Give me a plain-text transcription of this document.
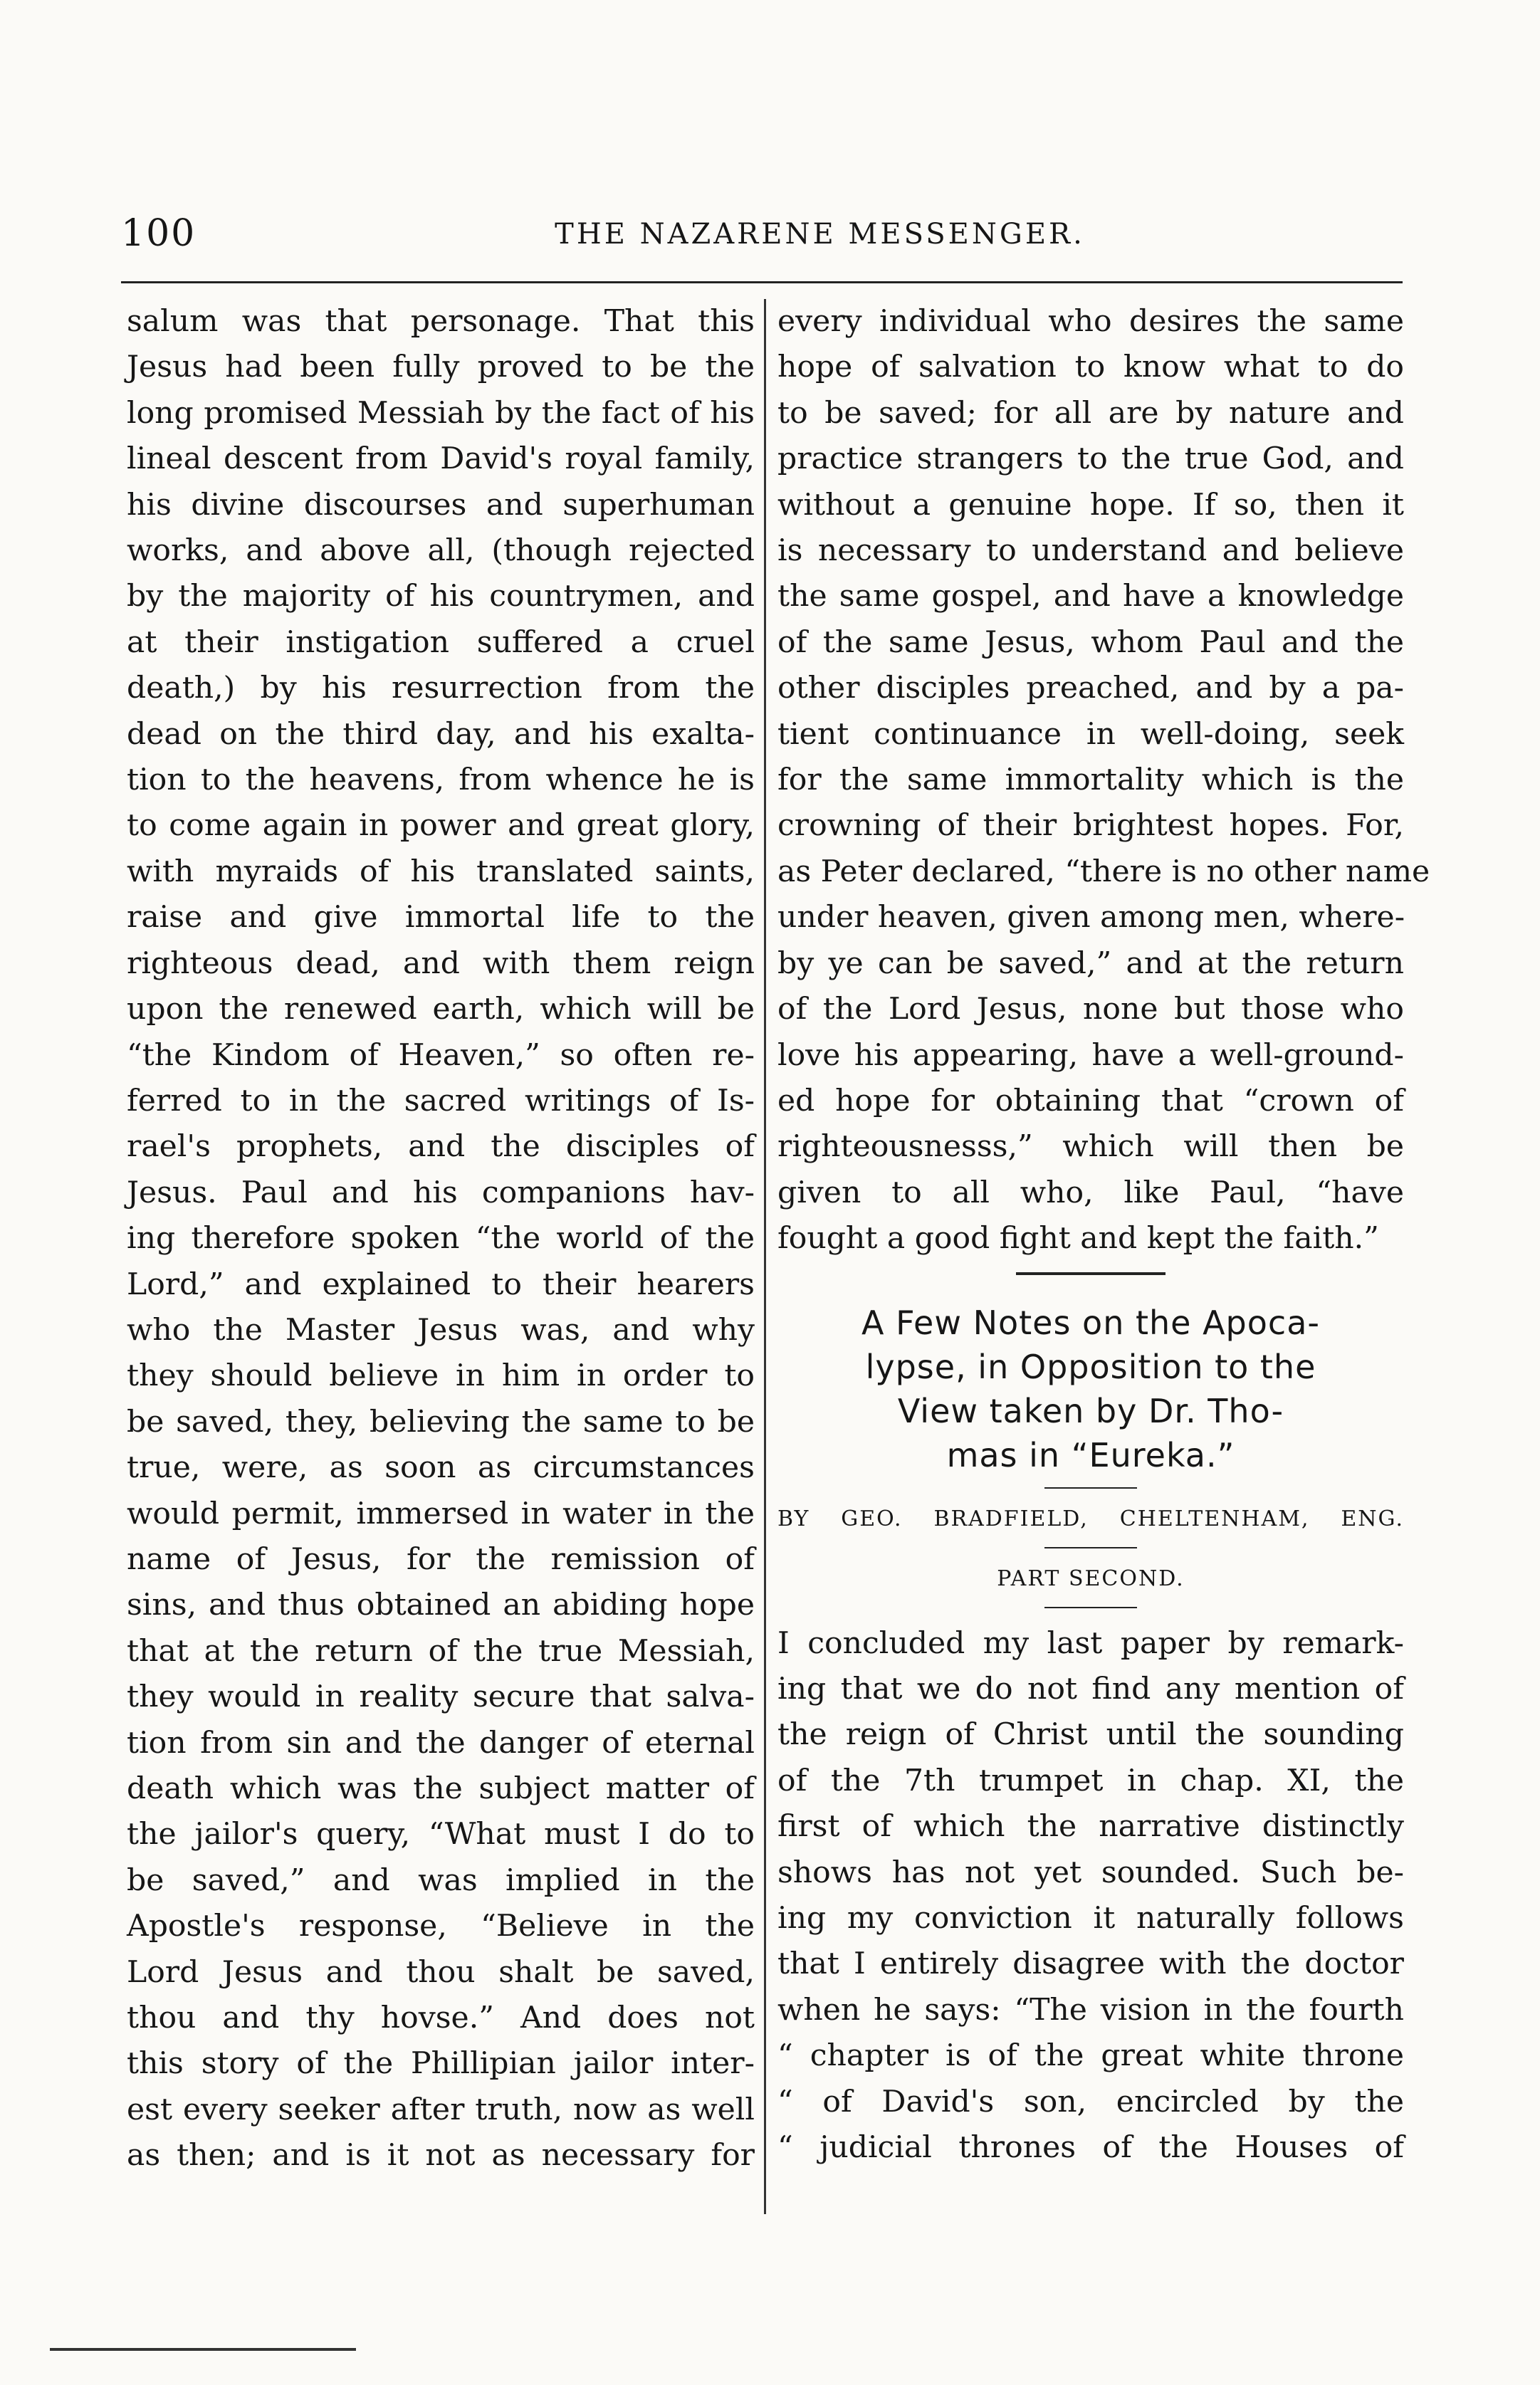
100	THE NAZARENE MESSENGER.
salum was that personage. That this
Jesus had been fully proved to be the
long promised Messiah by the fact of his
lineal descent from David's royal family,
his divine discourses and superhuman
works, and above all, (though rejected
by the majority of his countrymen, and
at their instigation suffered a cruel
death,) by his resurrection from the
dead on the third day, and his exalta-
tion to the heavens, from whence he is
to come again in power and great glory,
with myraids of his translated saints,
raise and give immortal life to the
righteous dead, and with them reign
upon the renewed earth, which will be
“the Kindom of Heaven,” so often re-
ferred to in the sacred writings of Is-
rael's prophets, and the disciples of
Jesus. Paul and his companions hav-
ing therefore spoken “the world of the
Lord,” and explained to their hearers
who the Master Jesus was, and why
they should believe in him in order to
be saved, they, believing the same to be
true, were, as soon as circumstances
would permit, immersed in water in the
name of Jesus, for the remission of
sins, and thus obtained an abiding hope
that at the return of the true Messiah,
they would in reality secure that salva-
tion from sin and the danger of eternal
death which was the subject matter of
the jailor's query, “What must I do to
be saved,” and was implied in the
Apostle's response, “Believe in the
Lord Jesus and thou shalt be saved,
thou and thy hovse.” And does not
this story of the Phillipian jailor inter-
est every seeker after truth, now as well
as then; and is it not as necessary for
every individual who desires the same
hope of salvation to know what to do
to be saved; for all are by nature and
practice strangers to the true God, and
without a genuine hope. If so, then it
is necessary to understand and believe
the same gospel, and have a knowledge
of the same Jesus, whom Paul and the
other disciples preached, and by a pa-
tient continuance in well-doing, seek
for the same immortality which is the
crowning of their brightest hopes. For,
as Peter declared, “there is no other name
under heaven, given among men, where-
by ye can be saved,” and at the return
of the Lord Jesus, none but those who
love his appearing, have a well-ground-
ed hope for obtaining that “crown of
righteousnesss,” which will then be
given to all who, like Paul, “have
fought a good fight and kept the faith.”
A Few Notes on the Apoca-
lypse, in Opposition to the
View taken by Dr. Tho-
mas in “Eureka.”
BY GEO. BRADFIELD, CHELTENHAM, ENG.
PART SECOND.
I concluded my last paper by remark-
ing that we do not find any mention of
the reign of Christ until the sounding
of the 7th trumpet in chap. XI, the
first of which the narrative distinctly
shows has not yet sounded. Such be-
ing my conviction it naturally follows
that I entirely disagree with the doctor
when he says: “The vision in the fourth
“ chapter is of the great white throne
“ of David's son, encircled by the
“ judicial thrones of the Houses of
